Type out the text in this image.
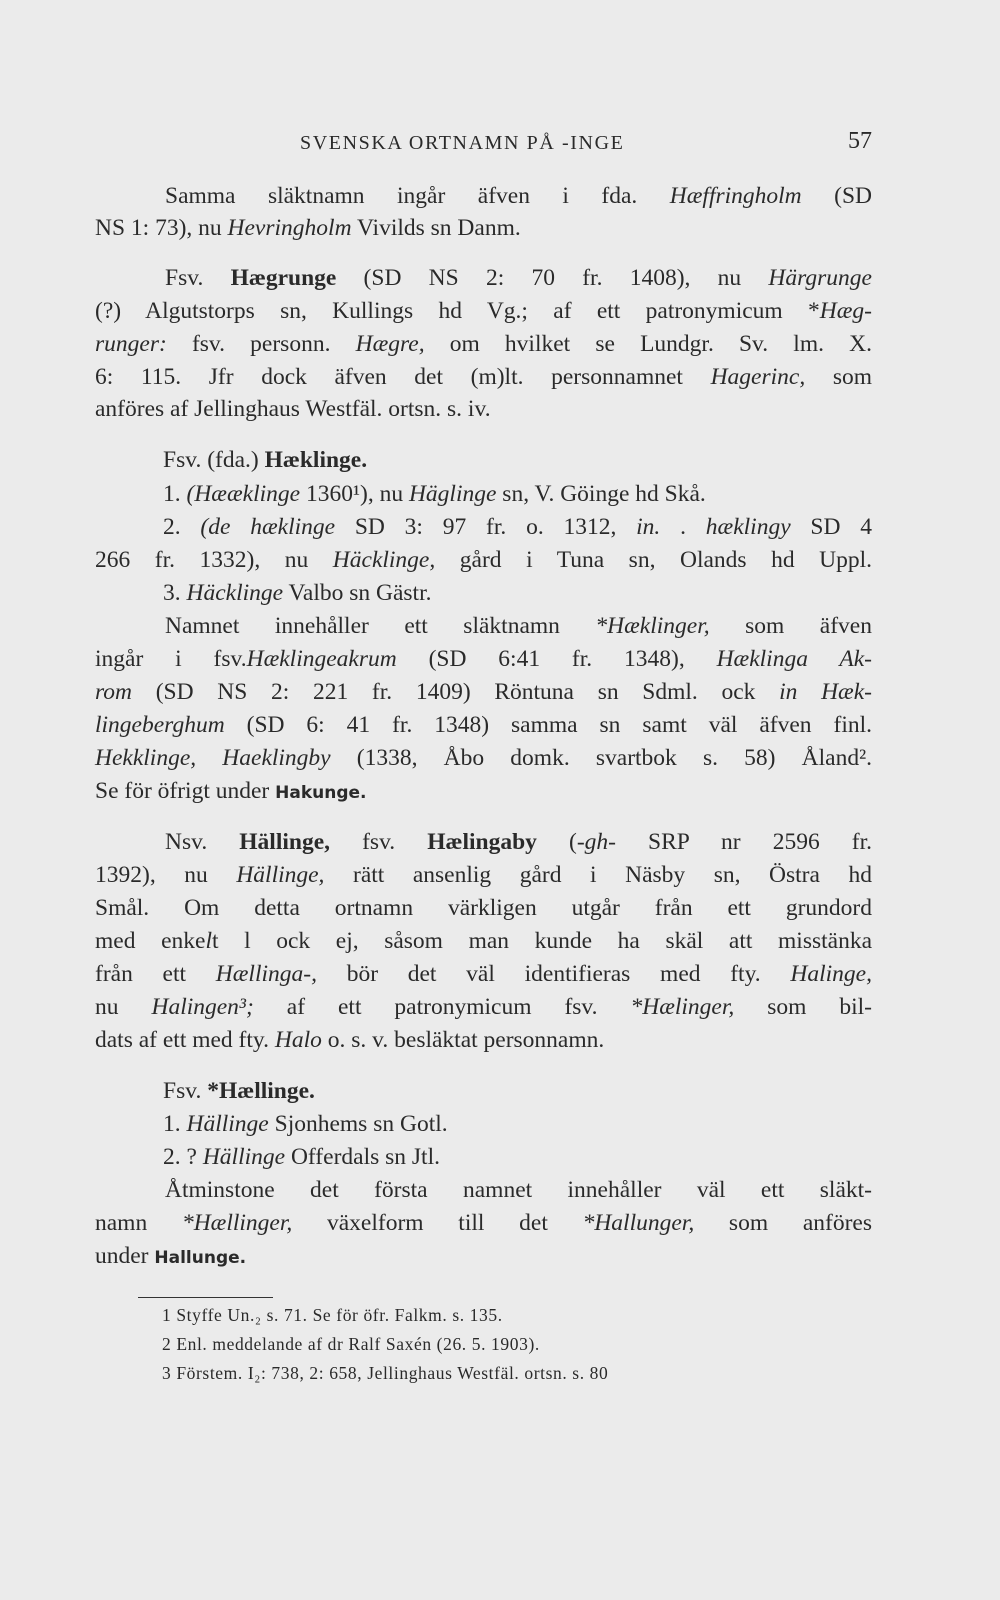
SVENSKA ORTNAMN PÅ -INGE	57
Samma släktnamn ingår äfven i fda. Hæffringholm (SD
NS 1: 73), nu Hevringholm Vivilds sn Danm.
Fsv. Hægrunge (SD NS 2: 70 fr. 1408), nu Härgrunge
(?) Algutstorps sn, Kullings hd Vg.; af ett patronymicum *Hæg-
runger: fsv. personn. Hægre, om hvilket se Lundgr. Sv. lm. X.
6: 115. Jfr dock äfven det (m)lt. personnamnet Hagerinc, som
anföres af Jellinghaus Westfäl. ortsn. s. iv.
Fsv. (fda.) Hæklinge.
1. (Hææklinge 1360¹), nu Häglinge sn, V. Göinge hd Skå.
2. (de hæklinge SD 3: 97 fr. o. 1312, in. . hæklingy SD 4
266 fr. 1332), nu Häcklinge, gård i Tuna sn, Olands hd Uppl.
3. Häcklinge Valbo sn Gästr.
Namnet innehåller ett släktnamn *Hæklinger, som äfven
ingår i fsv.Hæklingeakrum (SD 6:41 fr. 1348), Hæklinga Ak-
rom (SD NS 2: 221 fr. 1409) Röntuna sn Sdml. ock in Hæk-
lingeberghum (SD 6: 41 fr. 1348) samma sn samt väl äfven finl.
Hekklinge, Haeklingby (1338, Åbo domk. svartbok s. 58) Åland².
Se för öfrigt under Hakunge.
Nsv. Hällinge, fsv. Hælingaby (-gh- SRP nr 2596 fr.
1392), nu Hällinge, rätt ansenlig gård i Näsby sn, Östra hd
Smål. Om detta ortnamn värkligen utgår från ett grundord
med enkelt l ock ej, såsom man kunde ha skäl att misstänka
från ett Hællinga-, bör det väl identifieras med fty. Halinge,
nu Halingen³; af ett patronymicum fsv. *Hælinger, som bil-
dats af ett med fty. Halo o. s. v. besläktat personnamn.
Fsv. *Hællinge.
1. Hällinge Sjonhems sn Gotl.
2. ? Hällinge Offerdals sn Jtl.
Åtminstone det första namnet innehåller väl ett släkt-
namn *Hællinger, växelform till det *Hallunger, som anföres
under Hallunge.
1 Styffe Un.₂ s. 71. Se för öfr. Falkm. s. 135.
2 Enl. meddelande af dr Ralf Saxén (26. 5. 1903).
3 Förstem. I₂: 738, 2: 658, Jellinghaus Westfäl. ortsn. s. 80
